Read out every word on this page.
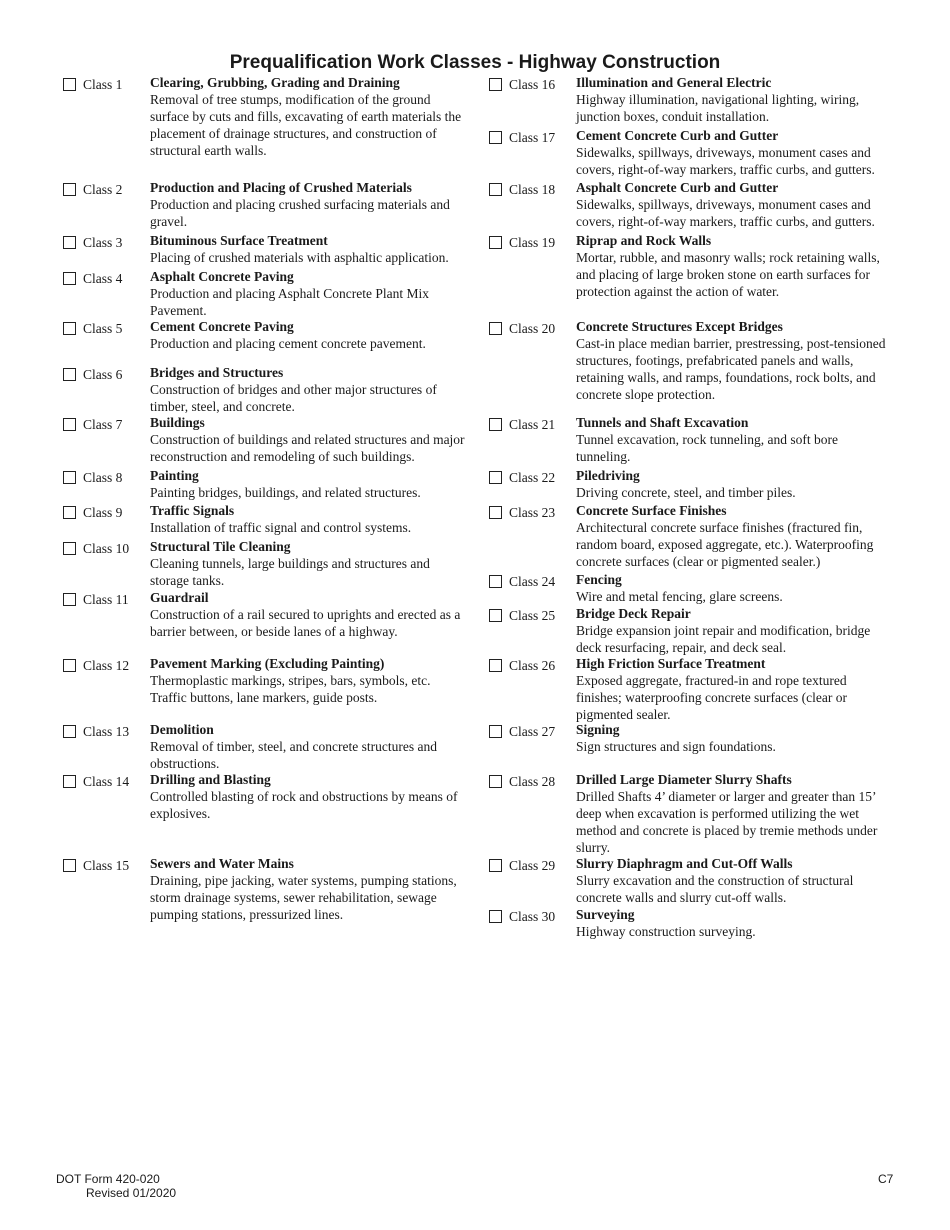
Prequalification Work Classes - Highway Construction
Class 1 Clearing, Grubbing, Grading and Draining
Removal of tree stumps, modification of the ground surface by cuts and fills, excavating of earth materials the placement of drainage structures, and construction of structural earth walls.
Class 2 Production and Placing of Crushed Materials
Production and placing crushed surfacing materials and gravel.
Class 3 Bituminous Surface Treatment
Placing of crushed materials with asphaltic application.
Class 4 Asphalt Concrete Paving
Production and placing Asphalt Concrete Plant Mix Pavement.
Class 5 Cement Concrete Paving
Production and placing cement concrete pavement.
Class 6 Bridges and Structures
Construction of bridges and other major structures of timber, steel, and concrete.
Class 7 Buildings
Construction of buildings and related structures and major reconstruction and remodeling of such buildings.
Class 8 Painting
Painting bridges, buildings, and related structures.
Class 9 Traffic Signals
Installation of traffic signal and control systems.
Class 10 Structural Tile Cleaning
Cleaning tunnels, large buildings and structures and storage tanks.
Class 11 Guardrail
Construction of a rail secured to uprights and erected as a barrier between, or beside lanes of a highway.
Class 12 Pavement Marking (Excluding Painting)
Thermoplastic markings, stripes, bars, symbols, etc. Traffic buttons, lane markers, guide posts.
Class 13 Demolition
Removal of timber, steel, and concrete structures and obstructions.
Class 14 Drilling and Blasting
Controlled blasting of rock and obstructions by means of explosives.
Class 15 Sewers and Water Mains
Draining, pipe jacking, water systems, pumping stations, storm drainage systems, sewer rehabilitation, sewage pumping stations, pressurized lines.
Class 16 Illumination and General Electric
Highway illumination, navigational lighting, wiring, junction boxes, conduit installation.
Class 17 Cement Concrete Curb and Gutter
Sidewalks, spillways, driveways, monument cases and covers, right-of-way markers, traffic curbs, and gutters.
Class 18 Asphalt Concrete Curb and Gutter
Sidewalks, spillways, driveways, monument cases and covers, right-of-way markers, traffic curbs, and gutters.
Class 19 Riprap and Rock Walls
Mortar, rubble, and masonry walls; rock retaining walls, and placing of large broken stone on earth surfaces for protection against the action of water.
Class 20 Concrete Structures Except Bridges
Cast-in place median barrier, prestressing, post-tensioned structures, footings, prefabricated panels and walls, retaining walls, and ramps, foundations, rock bolts, and concrete slope protection.
Class 21 Tunnels and Shaft Excavation
Tunnel excavation, rock tunneling, and soft bore tunneling.
Class 22 Piledriving
Driving concrete, steel, and timber piles.
Class 23 Concrete Surface Finishes
Architectural concrete surface finishes (fractured fin, random board, exposed aggregate, etc.). Waterproofing concrete surfaces (clear or pigmented sealer.)
Class 24 Fencing
Wire and metal fencing, glare screens.
Class 25 Bridge Deck Repair
Bridge expansion joint repair and modification, bridge deck resurfacing, repair, and deck seal.
Class 26 High Friction Surface Treatment
Exposed aggregate, fractured-in and rope textured finishes; waterproofing concrete surfaces (clear or pigmented sealer.
Class 27 Signing
Sign structures and sign foundations.
Class 28 Drilled Large Diameter Slurry Shafts
Drilled Shafts 4’ diameter or larger and greater than 15’ deep when excavation is performed utilizing the wet method and concrete is placed by tremie methods under slurry.
Class 29 Slurry Diaphragm and Cut-Off Walls
Slurry excavation and the construction of structural concrete walls and slurry cut-off walls.
Class 30 Surveying
Highway construction surveying.
DOT Form 420-020
Revised 01/2020
C7
